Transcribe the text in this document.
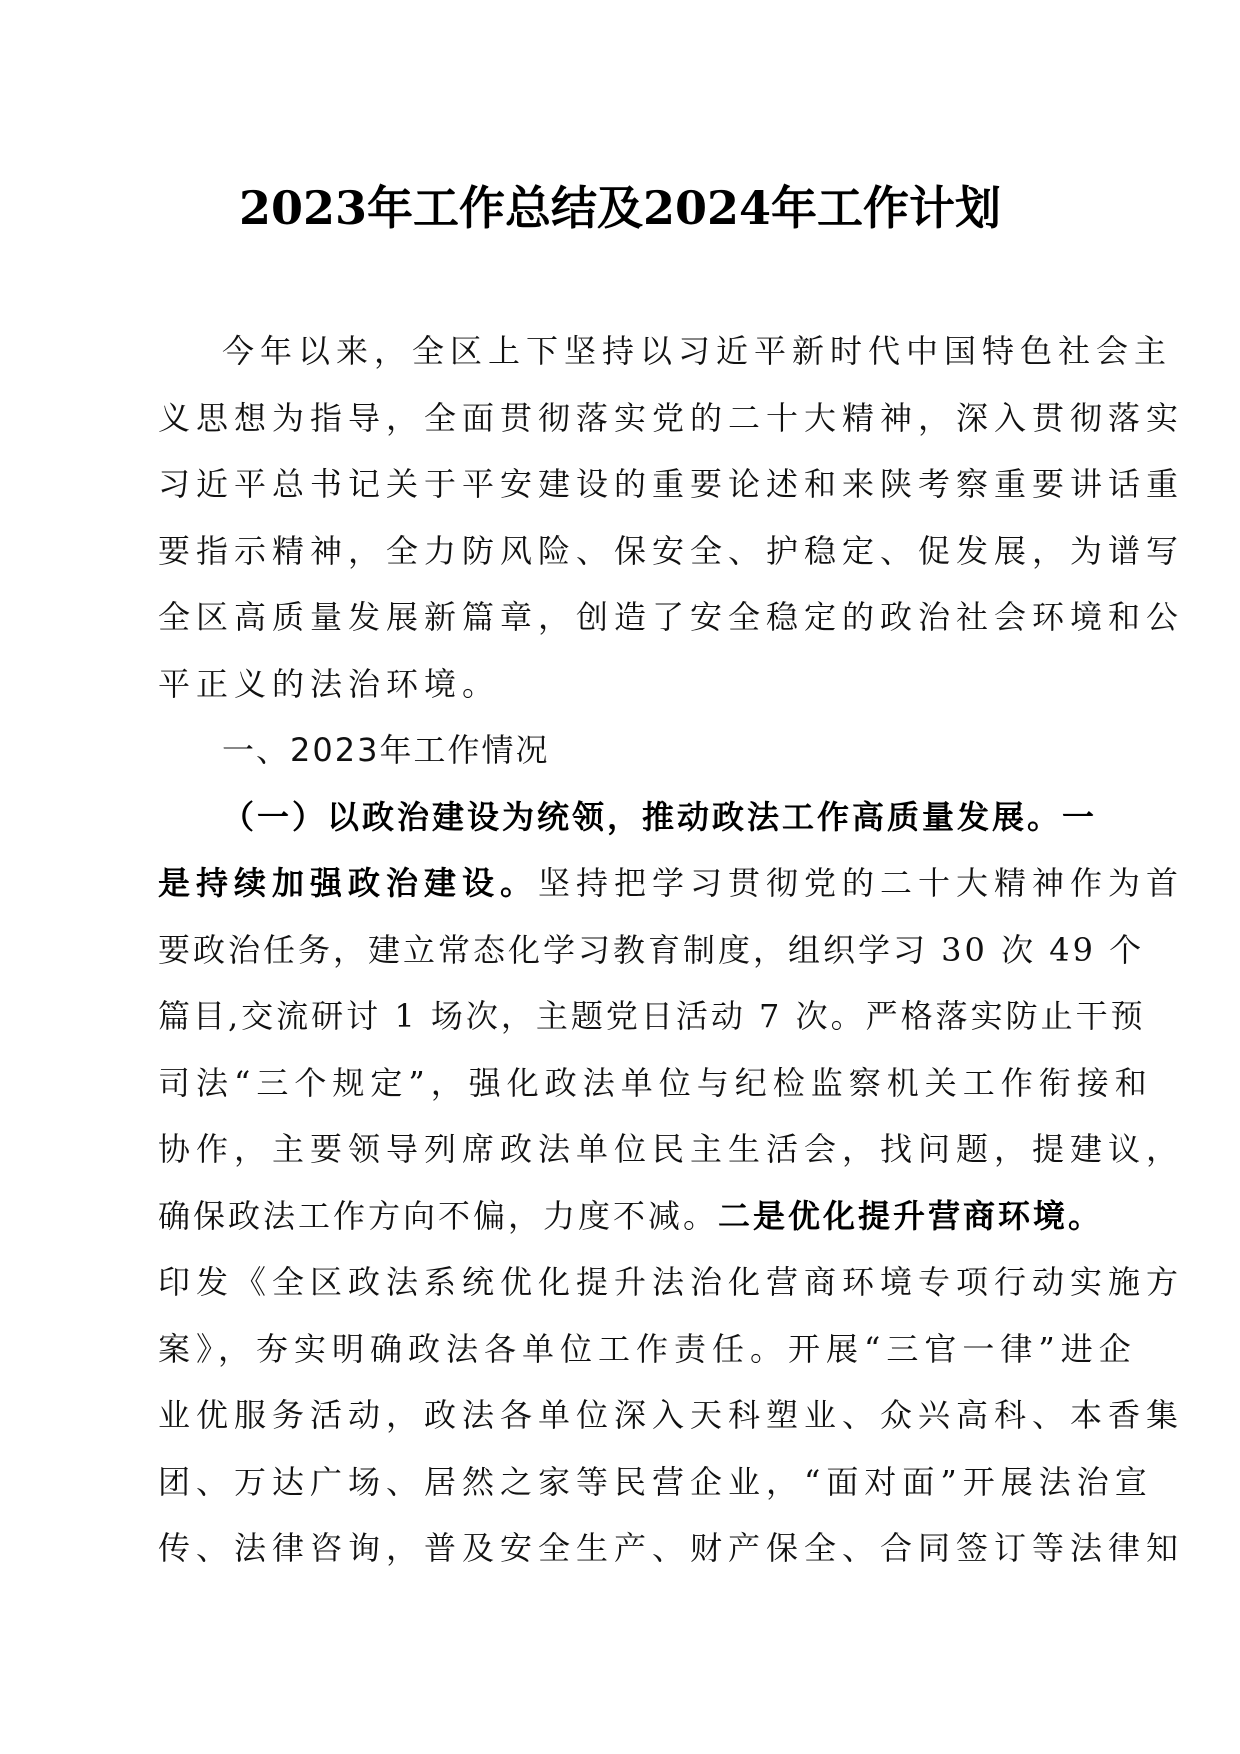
2023年工作总结及2024年工作计划
今年以来，全区上下坚持以习近平新时代中国特色社会主
义思想为指导，全面贯彻落实党的二十大精神，深入贯彻落实
习近平总书记关于平安建设的重要论述和来陕考察重要讲话重
要指示精神，全力防风险、保安全、护稳定、促发展，为谱写
全区高质量发展新篇章，创造了安全稳定的政治社会环境和公
平正义的法治环境。
一、2023年工作情况
（一）以政治建设为统领，推动政法工作高质量发展。一
是持续加强政治建设。坚持把学习贯彻党的二十大精神作为首
要政治任务，建立常态化学习教育制度，组织学习 30 次 49 个
篇目,交流研讨 1 场次，主题党日活动 7 次。严格落实防止干预
司法“三个规定”，强化政法单位与纪检监察机关工作衔接和
协作，主要领导列席政法单位民主生活会，找问题，提建议，
确保政法工作方向不偏，力度不减。二是优化提升营商环境。
印发《全区政法系统优化提升法治化营商环境专项行动实施方
案》，夯实明确政法各单位工作责任。开展“三官一律”进企
业优服务活动，政法各单位深入天科塑业、众兴高科、本香集
团、万达广场、居然之家等民营企业，“面对面”开展法治宣
传、法律咨询，普及安全生产、财产保全、合同签订等法律知
